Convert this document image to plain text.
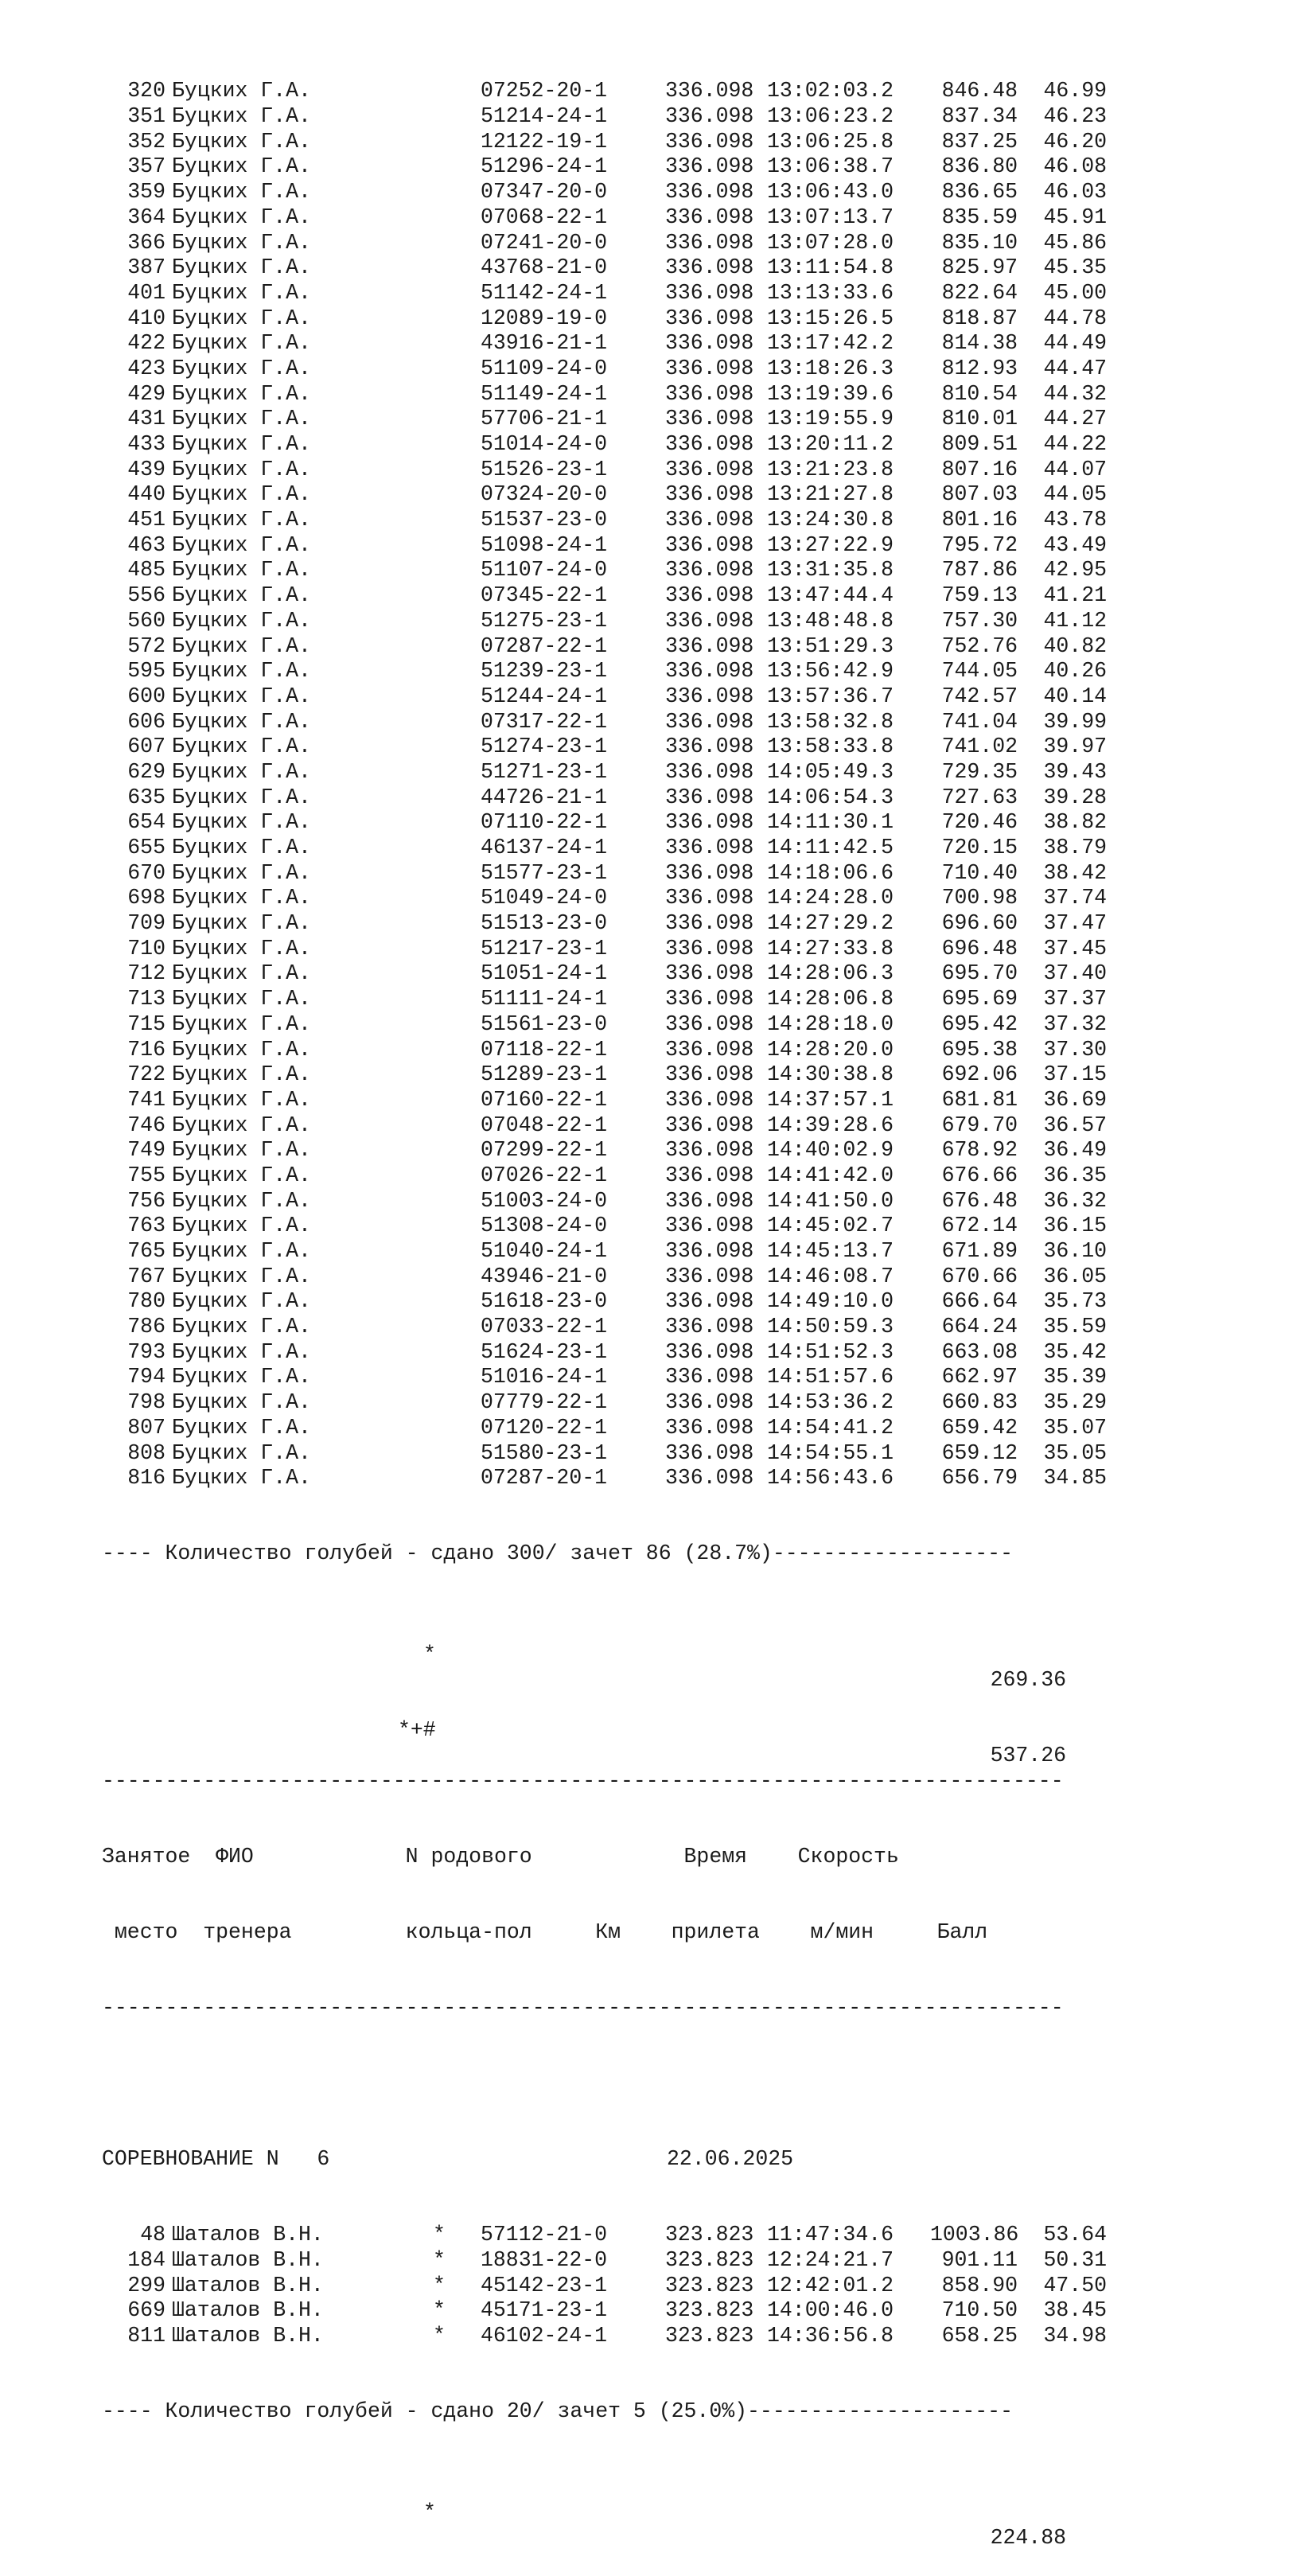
320 Буцких Г.А.	07252-20-1	336.098 13:02:03.2 846.48 46.99
351 Буцких Г.А.	51214-24-1	336.098 13:06:23.2 837.34 46.23
352 Буцких Г.А.	12122-19-1	336.098 13:06:25.8 837.25 46.20
357 Буцких Г.А.	51296-24-1	336.098 13:06:38.7 836.80 46.08
359 Буцких Г.А.	07347-20-0	336.098 13:06:43.0 836.65 46.03
364 Буцких Г.А.	07068-22-1	336.098 13:07:13.7 835.59 45.91
366 Буцких Г.А.	07241-20-0	336.098 13:07:28.0 835.10 45.86
387 Буцких Г.А.	43768-21-0	336.098 13:11:54.8 825.97 45.35
401 Буцких Г.А.	51142-24-1	336.098 13:13:33.6 822.64 45.00
410 Буцких Г.А.	12089-19-0	336.098 13:15:26.5 818.87 44.78
422 Буцких Г.А.	43916-21-1	336.098 13:17:42.2 814.38 44.49
423 Буцких Г.А.	51109-24-0	336.098 13:18:26.3 812.93 44.47
429 Буцких Г.А.	51149-24-1	336.098 13:19:39.6 810.54 44.32
431 Буцких Г.А.	57706-21-1	336.098 13:19:55.9 810.01 44.27
433 Буцких Г.А.	51014-24-0	336.098 13:20:11.2 809.51 44.22
439 Буцких Г.А.	51526-23-1	336.098 13:21:23.8 807.16 44.07
440 Буцких Г.А.	07324-20-0	336.098 13:21:27.8 807.03 44.05
451 Буцких Г.А.	51537-23-0	336.098 13:24:30.8 801.16 43.78
463 Буцких Г.А.	51098-24-1	336.098 13:27:22.9 795.72 43.49
485 Буцких Г.А.	51107-24-0	336.098 13:31:35.8 787.86 42.95
556 Буцких Г.А.	07345-22-1	336.098 13:47:44.4 759.13 41.21
560 Буцких Г.А.	51275-23-1	336.098 13:48:48.8 757.30 41.12
572 Буцких Г.А.	07287-22-1	336.098 13:51:29.3 752.76 40.82
595 Буцких Г.А.	51239-23-1	336.098 13:56:42.9 744.05 40.26
600 Буцких Г.А.	51244-24-1	336.098 13:57:36.7 742.57 40.14
606 Буцких Г.А.	07317-22-1	336.098 13:58:32.8 741.04 39.99
607 Буцких Г.А.	51274-23-1	336.098 13:58:33.8 741.02 39.97
629 Буцких Г.А.	51271-23-1	336.098 14:05:49.3 729.35 39.43
635 Буцких Г.А.	44726-21-1	336.098 14:06:54.3 727.63 39.28
654 Буцких Г.А.	07110-22-1	336.098 14:11:30.1 720.46 38.82
655 Буцких Г.А.	46137-24-1	336.098 14:11:42.5 720.15 38.79
670 Буцких Г.А.	51577-23-1	336.098 14:18:06.6 710.40 38.42
698 Буцких Г.А.	51049-24-0	336.098 14:24:28.0 700.98 37.74
709 Буцких Г.А.	51513-23-0	336.098 14:27:29.2 696.60 37.47
710 Буцких Г.А.	51217-23-1	336.098 14:27:33.8 696.48 37.45
712 Буцких Г.А.	51051-24-1	336.098 14:28:06.3 695.70 37.40
713 Буцких Г.А.	51111-24-1	336.098 14:28:06.8 695.69 37.37
715 Буцких Г.А.	51561-23-0	336.098 14:28:18.0 695.42 37.32
716 Буцких Г.А.	07118-22-1	336.098 14:28:20.0 695.38 37.30
722 Буцких Г.А.	51289-23-1	336.098 14:30:38.8 692.06 37.15
741 Буцких Г.А.	07160-22-1	336.098 14:37:57.1 681.81 36.69
746 Буцких Г.А.	07048-22-1	336.098 14:39:28.6 679.70 36.57
749 Буцких Г.А.	07299-22-1	336.098 14:40:02.9 678.92 36.49
755 Буцких Г.А.	07026-22-1	336.098 14:41:42.0 676.66 36.35
756 Буцких Г.А.	51003-24-0	336.098 14:41:50.0 676.48 36.32
763 Буцких Г.А.	51308-24-0	336.098 14:45:02.7 672.14 36.15
765 Буцких Г.А.	51040-24-1	336.098 14:45:13.7 671.89 36.10
767 Буцких Г.А.	43946-21-0	336.098 14:46:08.7 670.66 36.05
780 Буцких Г.А.	51618-23-0	336.098 14:49:10.0 666.64 35.73
786 Буцких Г.А.	07033-22-1	336.098 14:50:59.3 664.24 35.59
793 Буцких Г.А.	51624-23-1	336.098 14:51:52.3 663.08 35.42
794 Буцких Г.А.	51016-24-1	336.098 14:51:57.6 662.97 35.39
798 Буцких Г.А.	07779-22-1	336.098 14:53:36.2 660.83 35.29
807 Буцких Г.А.	07120-22-1	336.098 14:54:41.2 659.42 35.07
808 Буцких Г.А.	51580-23-1	336.098 14:54:55.1 659.12 35.05
816 Буцких Г.А.	07287-20-1	336.098 14:56:43.6 656.79 34.85

---- Количество голубей - сдано 300/ зачет 86 (28.7%)-------------------

*

269.36

*+#

537.26

----------------------------------------------------------------------------

Занятое  ФИО            N родового            Время    Скорость

место  тренера         кольца-пол     Км    прилета    м/мин     Балл

----------------------------------------------------------------------------

СОРЕВНОВАНИЕ N   6	22.06.2025

48 Шаталов В.Н.	* 57112-21-0	323.823 11:47:34.6 1003.86 53.64
184 Шаталов В.Н.	* 18831-22-0	323.823 12:24:21.7 901.11 50.31
299 Шаталов В.Н.	* 45142-23-1	323.823 12:42:01.2 858.90 47.50
669 Шаталов В.Н.	* 45171-23-1	323.823 14:00:46.0 710.50 38.45
811 Шаталов В.Н.	* 46102-24-1	323.823 14:36:56.8 658.25 34.98

---- Количество голубей - сдано 20/ зачет 5 (25.0%)---------------------

*

224.88
